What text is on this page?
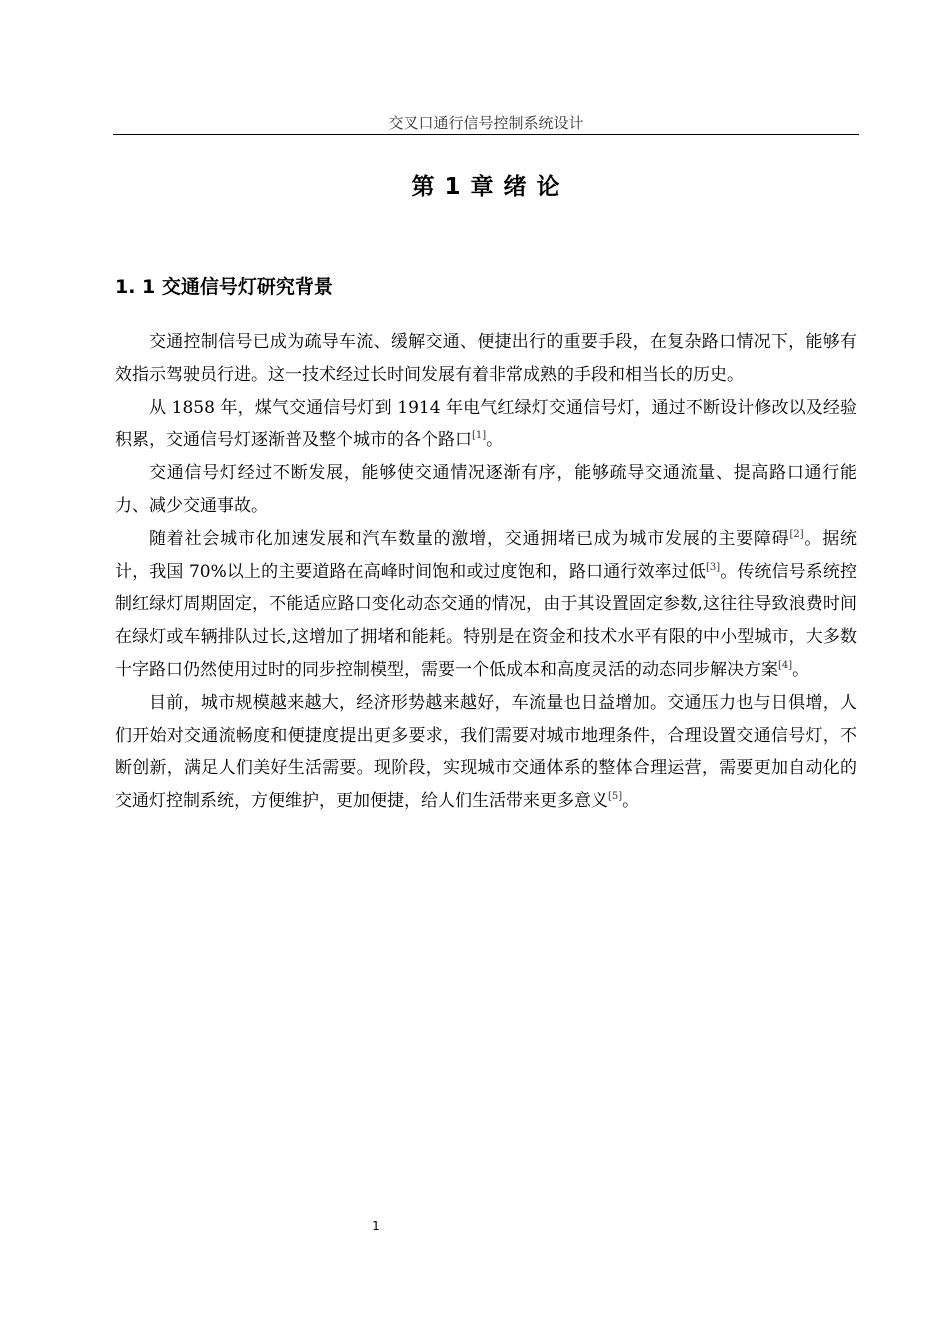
交叉口通行信号控制系统设计
第 1 章 绪 论
1. 1 交通信号灯研究背景

交通控制信号已成为疏导车流、缓解交通、便捷出行的重要手段，在复杂路口情况下，能够有效指示驾驶员行进。这一技术经过长时间发展有着非常成熟的手段和相当长的历史。

从 1858 年，煤气交通信号灯到 1914 年电气红绿灯交通信号灯，通过不断设计修改以及经验积累，交通信号灯逐渐普及整个城市的各个路口[1]。

交通信号灯经过不断发展，能够使交通情况逐渐有序，能够疏导交通流量、提高路口通行能力、减少交通事故。

随着社会城市化加速发展和汽车数量的激增，交通拥堵已成为城市发展的主要障碍[2]。据统计，我国 70%以上的主要道路在高峰时间饱和或过度饱和，路口通行效率过低[3]。传统信号系统控制红绿灯周期固定，不能适应路口变化动态交通的情况，由于其设置固定参数,这往往导致浪费时间在绿灯或车辆排队过长,这增加了拥堵和能耗。特别是在资金和技术水平有限的中小型城市，大多数十字路口仍然使用过时的同步控制模型，需要一个低成本和高度灵活的动态同步解决方案[4]。

目前，城市规模越来越大，经济形势越来越好，车流量也日益增加。交通压力也与日俱增，人们开始对交通流畅度和便捷度提出更多要求，我们需要对城市地理条件，合理设置交通信号灯，不断创新，满足人们美好生活需要。现阶段，实现城市交通体系的整体合理运营，需要更加自动化的交通灯控制系统，方便维护，更加便捷，给人们生活带来更多意义[5]。

1
